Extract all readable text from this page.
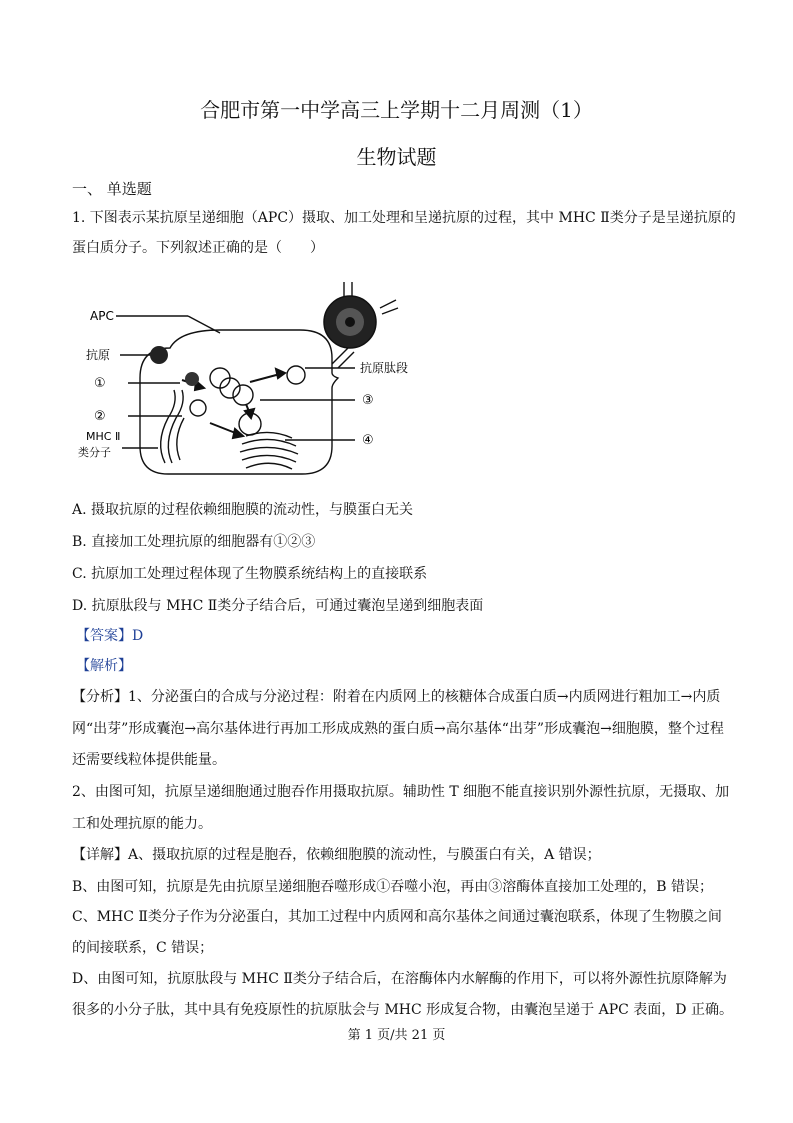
合肥市第一中学高三上学期十二月周测（1）
生物试题
一、 单选题
1. 下图表示某抗原呈递细胞（APC）摄取、加工处理和呈递抗原的过程，其中 MHC Ⅱ类分子是呈递抗原的
蛋白质分子。下列叙述正确的是（　　）
APC
抗原
①
②
MHC Ⅱ
类分子
抗原肽段
③
④
A. 摄取抗原的过程依赖细胞膜的流动性，与膜蛋白无关
B. 直接加工处理抗原的细胞器有①②③
C. 抗原加工处理过程体现了生物膜系统结构上的直接联系
D. 抗原肽段与 MHC Ⅱ类分子结合后，可通过囊泡呈递到细胞表面
【答案】D
【解析】
【分析】1、分泌蛋白的合成与分泌过程：附着在内质网上的核糖体合成蛋白质→内质网进行粗加工→内质
网“出芽”形成囊泡→高尔基体进行再加工形成成熟的蛋白质→高尔基体“出芽”形成囊泡→细胞膜，整个过程
还需要线粒体提供能量。
2、由图可知，抗原呈递细胞通过胞吞作用摄取抗原。辅助性 T 细胞不能直接识别外源性抗原，无摄取、加
工和处理抗原的能力。
【详解】A、摄取抗原的过程是胞吞，依赖细胞膜的流动性，与膜蛋白有关，A 错误；
B、由图可知，抗原是先由抗原呈递细胞吞噬形成①吞噬小泡，再由③溶酶体直接加工处理的，B 错误；
C、MHC Ⅱ类分子作为分泌蛋白，其加工过程中内质网和高尔基体之间通过囊泡联系，体现了生物膜之间
的间接联系，C 错误；
D、由图可知，抗原肽段与 MHC Ⅱ类分子结合后，在溶酶体内水解酶的作用下，可以将外源性抗原降解为
很多的小分子肽，其中具有免疫原性的抗原肽会与 MHC 形成复合物，由囊泡呈递于 APC 表面，D 正确。
第 1 页/共 21 页
